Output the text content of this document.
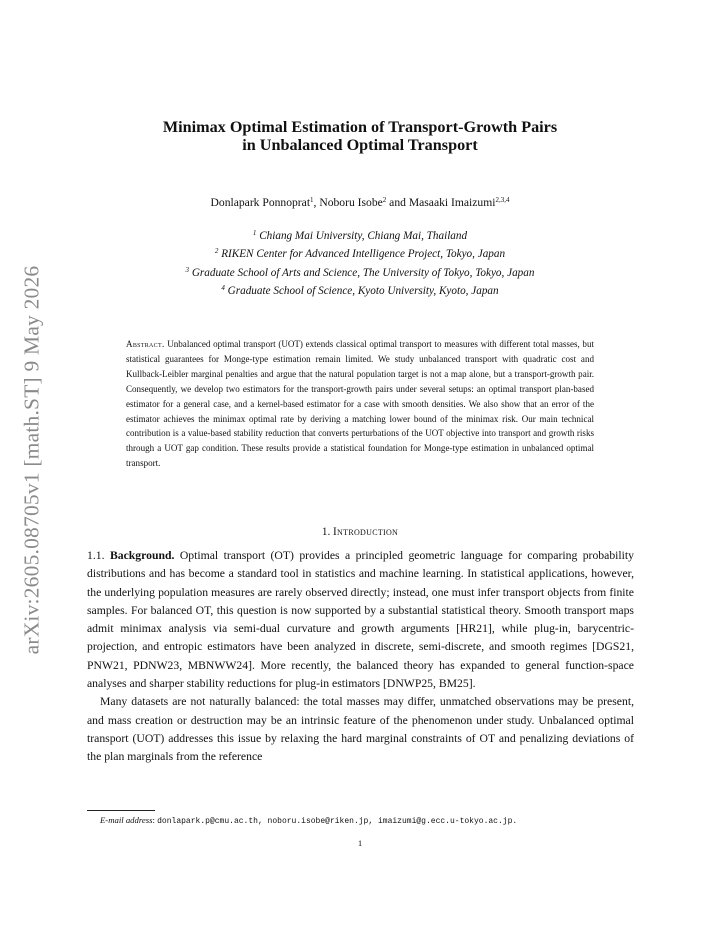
arXiv:2605.08705v1 [math.ST] 9 May 2026
Minimax Optimal Estimation of Transport-Growth Pairs
in Unbalanced Optimal Transport
Donlapark Ponnoprat$^1$, Noboru Isobe$^2$ and Masaaki Imaizumi$^{2,3,4}$
$^1$ Chiang Mai University, Chiang Mai, Thailand
$^2$ RIKEN Center for Advanced Intelligence Project, Tokyo, Japan
$^3$ Graduate School of Arts and Science, The University of Tokyo, Tokyo, Japan
$^4$ Graduate School of Science, Kyoto University, Kyoto, Japan
Abstract. Unbalanced optimal transport (UOT) extends classical optimal transport to measures with different total masses, but statistical guarantees for Monge-type estimation remain limited. We study unbalanced transport with quadratic cost and Kullback-Leibler marginal penalties and argue that the natural population target is not a map alone, but a transport-growth pair. Consequently, we develop two estimators for the transport-growth pairs under several setups: an optimal transport plan-based estimator for a general case, and a kernel-based estimator for a case with smooth densities. We also show that an error of the estimator achieves the minimax optimal rate by deriving a matching lower bound of the minimax risk. Our main technical contribution is a value-based stability reduction that converts perturbations of the UOT objective into transport and growth risks through a UOT gap condition. These results provide a statistical foundation for Monge-type estimation in unbalanced optimal transport.
1. Introduction

1.1. Background. Optimal transport (OT) provides a principled geometric language for comparing probability distributions and has become a standard tool in statistics and machine learning. In statistical applications, however, the underlying population measures are rarely observed directly; instead, one must infer transport objects from finite samples. For balanced OT, this question is now supported by a substantial statistical theory. Smooth transport maps admit minimax analysis via semi-dual curvature and growth arguments [HR21], while plug-in, barycentric-projection, and entropic estimators have been analyzed in discrete, semi-discrete, and smooth regimes [DGS21, PNW21, PDNW23, MBNWW24]. More recently, the balanced theory has expanded to general function-space analyses and sharper stability reductions for plug-in estimators [DNWP25, BM25].

Many datasets are not naturally balanced: the total masses may differ, unmatched observations may be present, and mass creation or destruction may be an intrinsic feature of the phenomenon under study. Unbalanced optimal transport (UOT) addresses this issue by relaxing the hard marginal constraints of OT and penalizing deviations of the plan marginals from the reference

E-mail address: donlapark.p@cmu.ac.th, noboru.isobe@riken.jp, imaizumi@g.ecc.u-tokyo.ac.jp.
1
